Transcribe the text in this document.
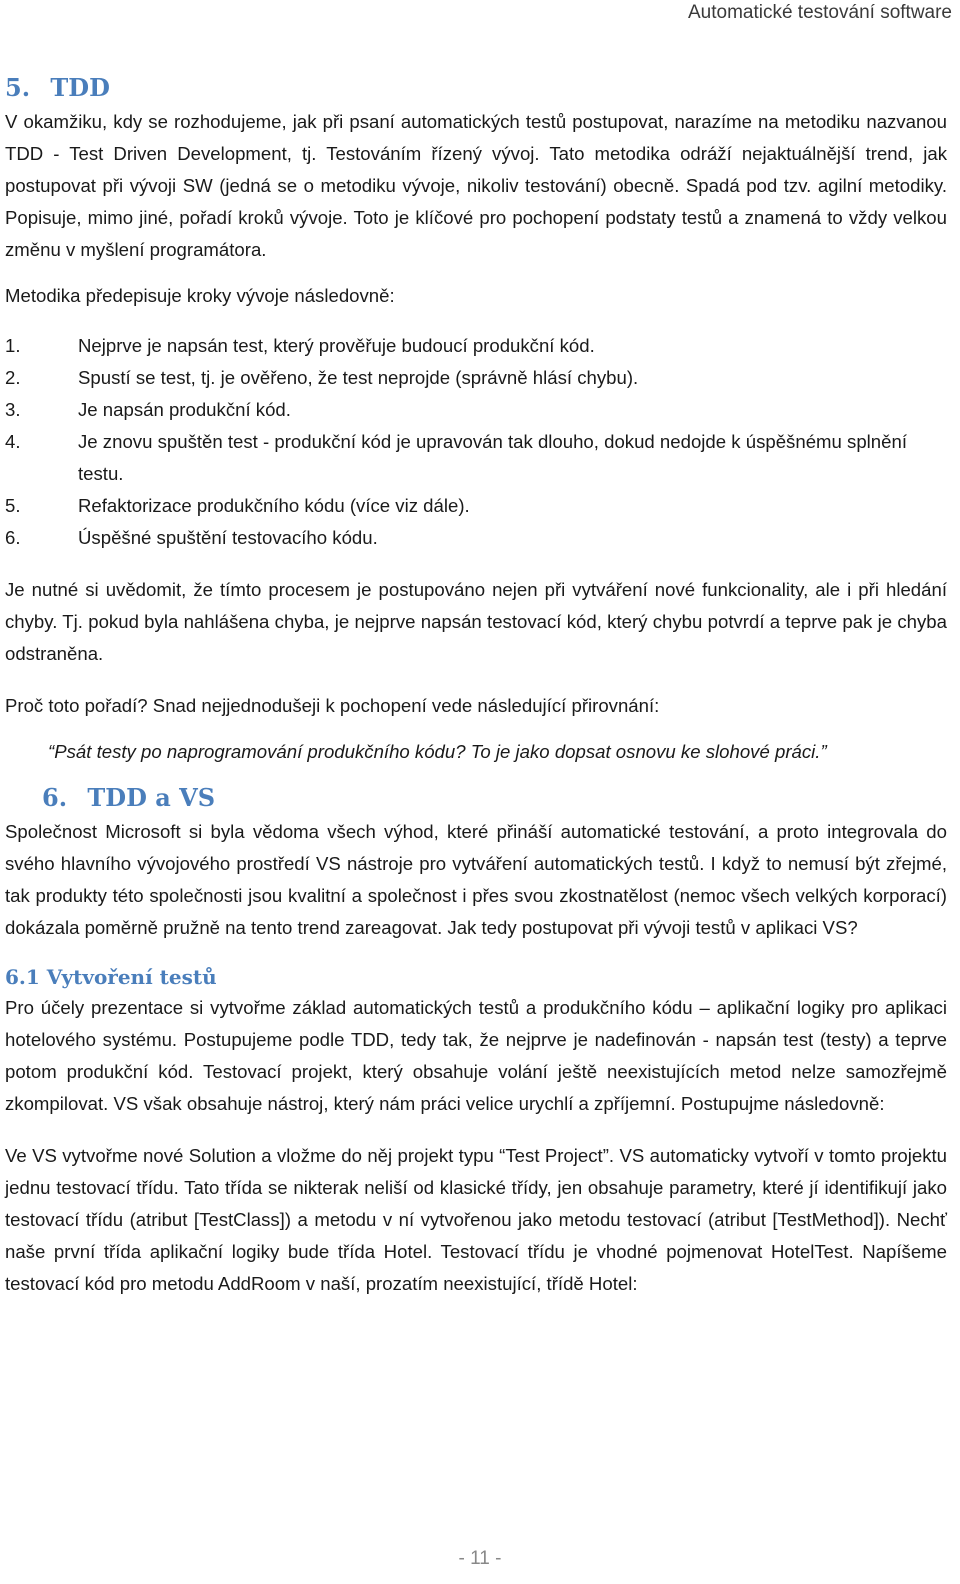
Automatické testování software
5. TDD

V okamžiku, kdy se rozhodujeme, jak při psaní automatických testů postupovat, narazíme na metodiku nazvanou TDD - Test Driven Development, tj. Testováním řízený vývoj. Tato metodika odráží nejaktuálnější trend, jak postupovat při vývoji SW (jedná se o metodiku vývoje, nikoliv testování) obecně. Spadá pod tzv. agilní metodiky. Popisuje, mimo jiné, pořadí kroků vývoje. Toto je klíčové pro pochopení podstaty testů a znamená to vždy velkou změnu v myšlení programátora.

Metodika předepisuje kroky vývoje následovně:

1.	Nejprve je napsán test, který prověřuje budoucí produkční kód.
2.	Spustí se test, tj. je ověřeno, že test neprojde (správně hlásí chybu).
3.	Je napsán produkční kód.
4.	Je znovu spuštěn test - produkční kód je upravován tak dlouho, dokud nedojde k úspěšnému splnění testu.
5.	Refaktorizace produkčního kódu (více viz dále).
6.	Úspěšné spuštění testovacího kódu.

Je nutné si uvědomit, že tímto procesem je postupováno nejen při vytváření nové funkcionality, ale i při hledání chyby. Tj. pokud byla nahlášena chyba, je nejprve napsán testovací kód, který chybu potvrdí a teprve pak je chyba odstraněna.

Proč toto pořadí? Snad nejjednodušeji k pochopení vede následující přirovnání:

“Psát testy po naprogramování produkčního kódu? To je jako dopsat osnovu ke slohové práci.”

6. TDD a VS

Společnost Microsoft si byla vědoma všech výhod, které přináší automatické testování, a proto integrovala do svého hlavního vývojového prostředí VS nástroje pro vytváření automatických testů. I když to nemusí být zřejmé, tak produkty této společnosti jsou kvalitní a společnost i přes svou zkostnatělost (nemoc všech velkých korporací) dokázala poměrně pružně na tento trend zareagovat. Jak tedy postupovat při vývoji testů v aplikaci VS?

6.1 Vytvoření testů

Pro účely prezentace si vytvořme základ automatických testů a produkčního kódu – aplikační logiky pro aplikaci hotelového systému. Postupujeme podle TDD, tedy tak, že nejprve je nadefinován - napsán test (testy) a teprve potom produkční kód. Testovací projekt, který obsahuje volání ještě neexistujících metod nelze samozřejmě zkompilovat. VS však obsahuje nástroj, který nám práci velice urychlí a zpříjemní. Postupujme následovně:

Ve VS vytvořme nové Solution a vložme do něj projekt typu “Test Project”. VS automaticky vytvoří v tomto projektu jednu testovací třídu. Tato třída se nikterak neliší od klasické třídy, jen obsahuje parametry, které jí identifikují jako testovací třídu (atribut [TestClass]) a metodu v ní vytvořenou jako metodu testovací (atribut [TestMethod]). Nechť naše první třída aplikační logiky bude třída Hotel. Testovací třídu je vhodné pojmenovat HotelTest. Napíšeme testovací kód pro metodu AddRoom v naší, prozatím neexistující, třídě Hotel:

- 11 -
